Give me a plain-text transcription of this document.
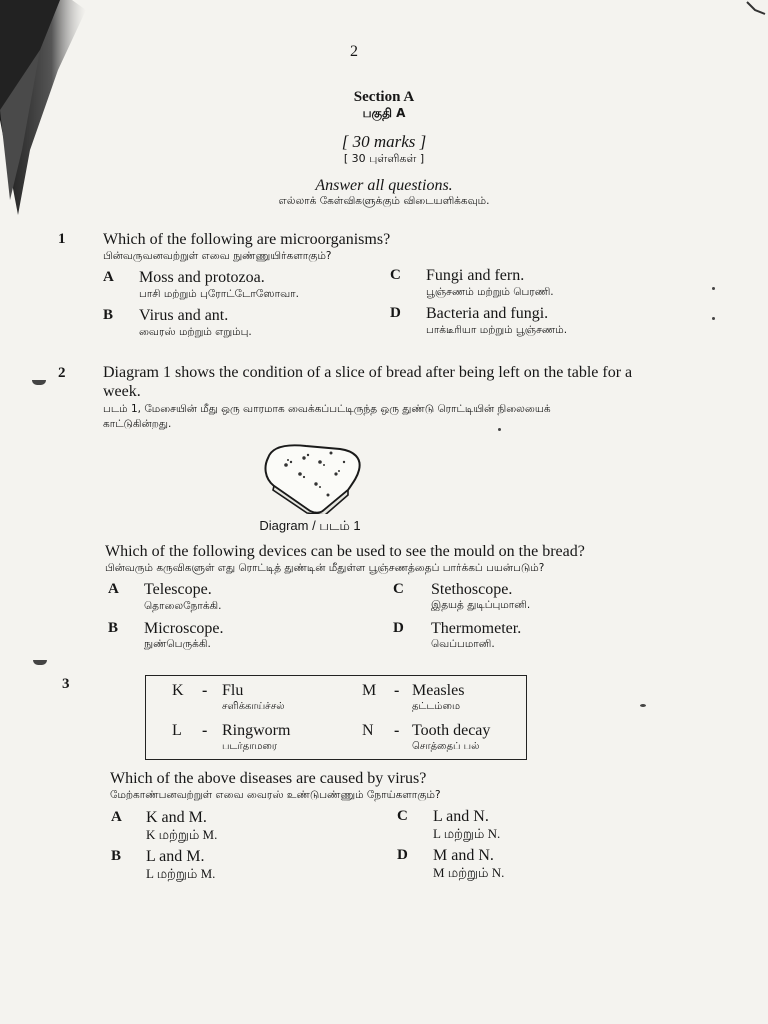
2
Section A
பகுதி A
[ 30 marks ]
[ 30 புள்ளிகள் ]
Answer all questions.
எல்லாக் கேள்விகளுக்கும் விடையளிக்கவும்.
1 Which of the following are microorganisms?
பின்வருவனவற்றுள் எவை நுண்ணுயிர்களாகும்?
A Moss and protozoa.
பாசி மற்றும் புரோட்டோஸோவா.
B Virus and ant.
வைரஸ் மற்றும் எறும்பு.
C Fungi and fern.
பூஞ்சணம் மற்றும் பெரணி.
D Bacteria and fungi.
பாக்டீரியா மற்றும் பூஞ்சணம்.
2 Diagram 1 shows the condition of a slice of bread after being left on the table for a
week.
படம் 1, மேசையின் மீது ஒரு வாரமாக வைக்கப்பட்டிருந்த ஒரு துண்டு ரொட்டியின் நிலையைக்
காட்டுகின்றது.
Diagram / படம் 1
Which of the following devices can be used to see the mould on the bread?
பின்வரும் கருவிகளுள் எது ரொட்டித் துண்டின் மீதுள்ள பூஞ்சணத்தைப் பார்க்கப் பயன்படும்?
A Telescope.
தொலைநோக்கி.
B Microscope.
நுண்பெருக்கி.
C Stethoscope.
இதயத் துடிப்புமானி.
D Thermometer.
வெப்பமானி.
3	K - Flu
சளிக்காய்ச்சல்
M - Measles
தட்டம்மை
L - Ringworm
படர்தாமரை
N - Tooth decay
சொத்தைப் பல்
Which of the above diseases are caused by virus?
மேற்காண்பனவற்றுள் எவை வைரஸ் உண்டுபண்ணும் நோய்களாகும்?
A K and M.
K மற்றும் M.
B L and M.
L மற்றும் M.
C L and N.
L மற்றும் N.
D M and N.
M மற்றும் N.
